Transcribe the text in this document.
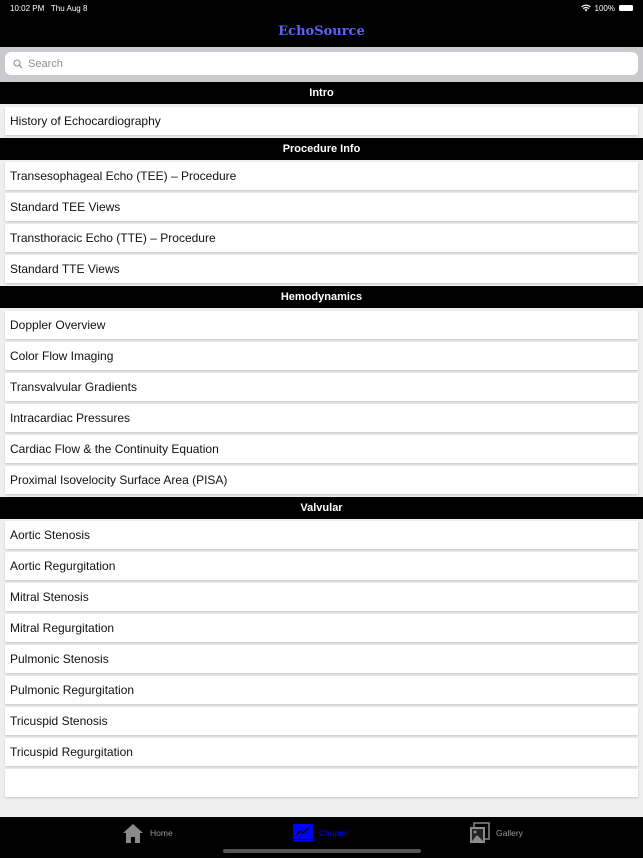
10:02 PM Thu Aug 8	100%
EchoSource
Search
Intro
History of Echocardiography
Procedure Info
Transesophageal Echo (TEE) – Procedure
Standard TEE Views
Transthoracic Echo (TTE) – Procedure
Standard TTE Views
Hemodynamics
Doppler Overview
Color Flow Imaging
Transvalvular Gradients
Intracardiac Pressures
Cardiac Flow & the Continuity Equation
Proximal Isovelocity Surface Area (PISA)
Valvular
Aortic Stenosis
Aortic Regurgitation
Mitral Stenosis
Mitral Regurgitation
Pulmonic Stenosis
Pulmonic Regurgitation
Tricuspid Stenosis
Tricuspid Regurgitation
Home	Chapter	Gallery
